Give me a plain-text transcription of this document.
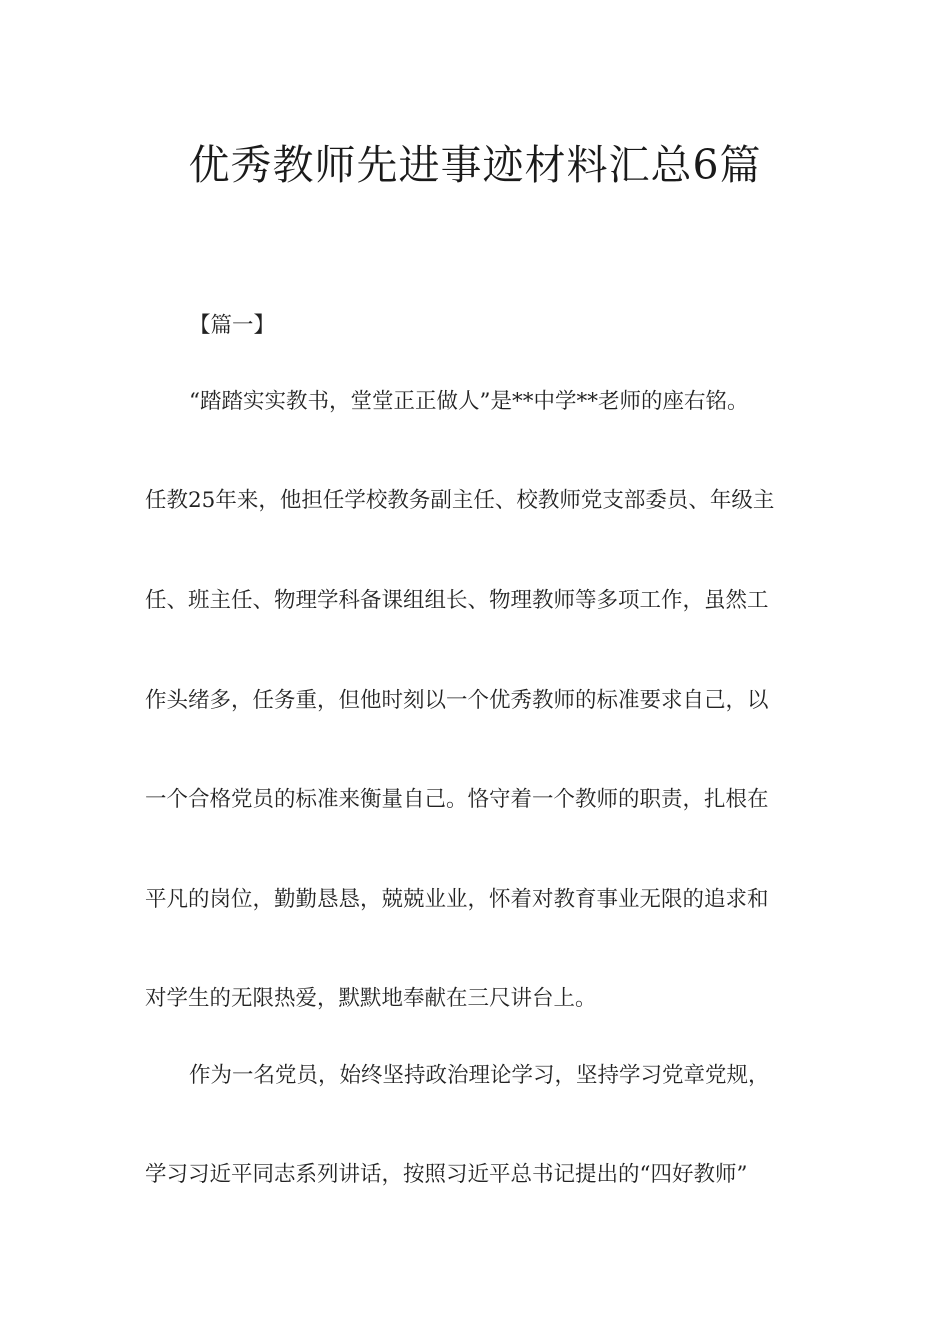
优秀教师先进事迹材料汇总6篇
【篇一】
“踏踏实实教书，堂堂正正做人”是**中学**老师的座右铭。
任教25年来，他担任学校教务副主任、校教师党支部委员、年级主
任、班主任、物理学科备课组组长、物理教师等多项工作，虽然工
作头绪多，任务重，但他时刻以一个优秀教师的标准要求自己，以
一个合格党员的标准来衡量自己。恪守着一个教师的职责，扎根在
平凡的岗位，勤勤恳恳，兢兢业业，怀着对教育事业无限的追求和
对学生的无限热爱，默默地奉献在三尺讲台上。
作为一名党员，始终坚持政治理论学习，坚持学习党章党规，
学习习近平同志系列讲话，按照习近平总书记提出的“四好教师”
